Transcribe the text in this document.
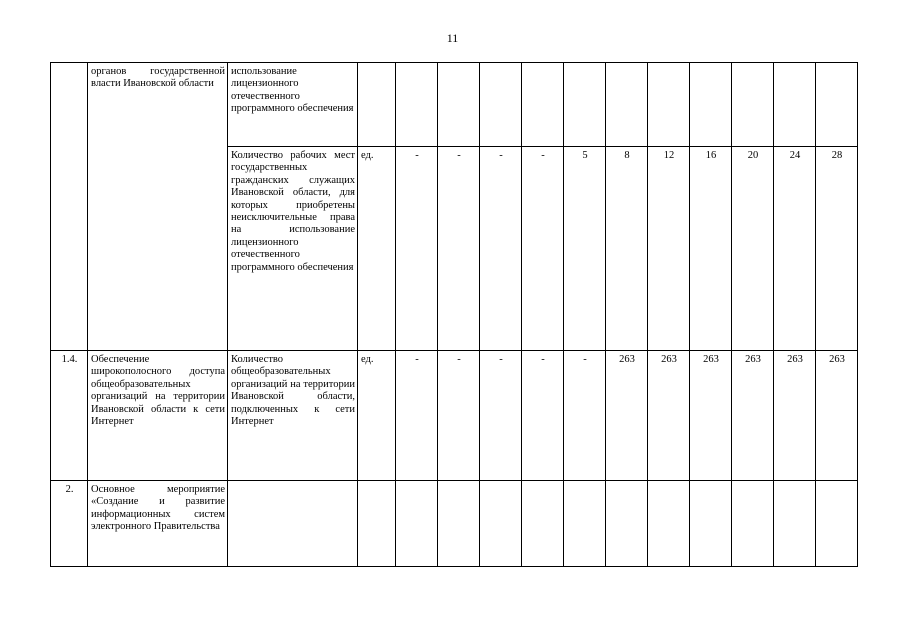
11
	органов государственной власти Ивановской области	использование лицензионного отечественного программного обеспечения												
		Количество рабочих мест государственных гражданских служащих Ивановской области, для которых приобретены неисключительные права на использование лицензионного отечественного программного обеспечения	ед.	-	-	-	-	5	8	12	16	20	24	28
1.4.	Обеспечение широкополосного доступа общеобразовательных организаций на территории Ивановской области к сети Интернет	Количество общеобразовательных организаций на территории Ивановской области, подключенных к сети Интернет	ед.	-	-	-	-	-	263	263	263	263	263	263
2.	Основное мероприятие «Создание и развитие информационных систем электронного Правительства													
